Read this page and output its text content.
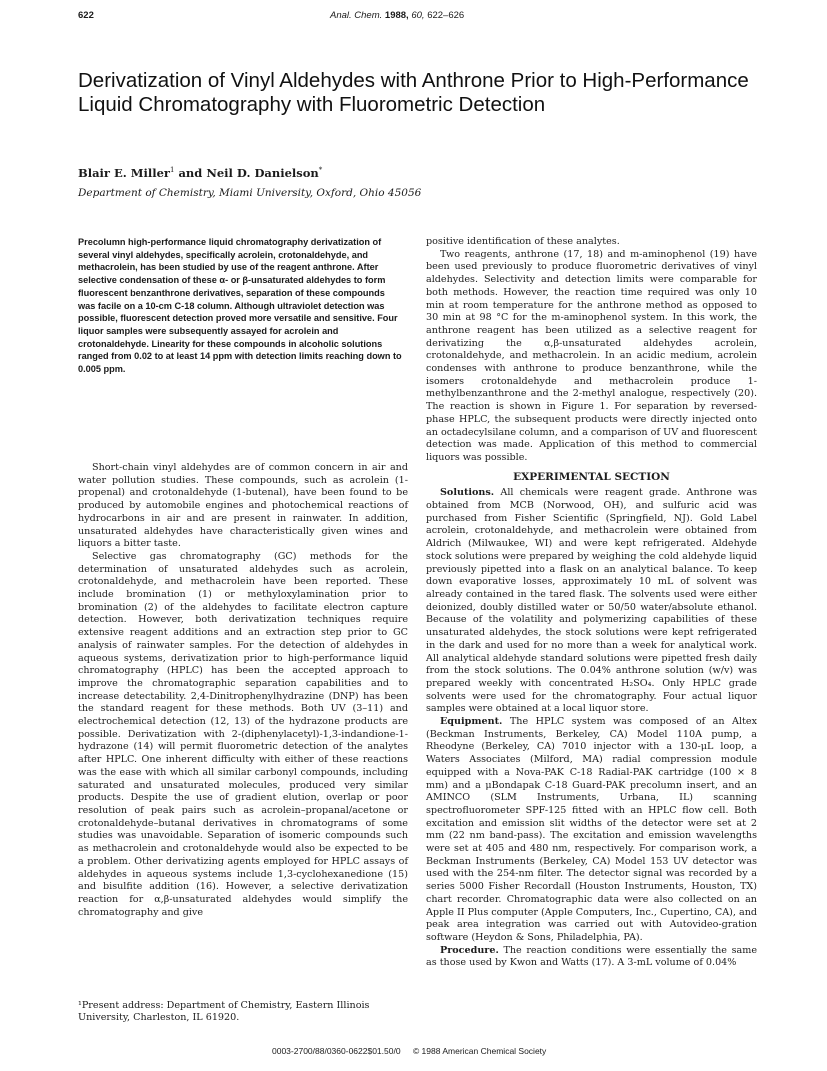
622	Anal. Chem. 1988, 60, 622–626
Derivatization of Vinyl Aldehydes with Anthrone Prior to High-Performance Liquid Chromatography with Fluorometric Detection
Blair E. Miller$^1$ and Neil D. Danielson*
Department of Chemistry, Miami University, Oxford, Ohio 45056
Precolumn high-performance liquid chromatography derivatization of several vinyl aldehydes, specifically acrolein, crotonaldehyde, and methacrolein, has been studied by use of the reagent anthrone. After selective condensation of these α- or β-unsaturated aldehydes to form fluorescent benzanthrone derivatives, separation of these compounds was facile on a 10-cm C-18 column. Although ultraviolet detection was possible, fluorescent detection proved more versatile and sensitive. Four liquor samples were subsequently assayed for acrolein and crotonaldehyde. Linearity for these compounds in alcoholic solutions ranged from 0.02 to at least 14 ppm with detection limits reaching down to 0.005 ppm.

Short-chain vinyl aldehydes are of common concern in air and water pollution studies. These compounds, such as acrolein (1-propenal) and crotonaldehyde (1-butenal), have been found to be produced by automobile engines and photochemical reactions of hydrocarbons in air and are present in rainwater. In addition, unsaturated aldehydes have characteristically given wines and liquors a bitter taste.

Selective gas chromatography (GC) methods for the determination of unsaturated aldehydes such as acrolein, crotonaldehyde, and methacrolein have been reported. These include bromination (1) or methyloxylamination prior to bromination (2) of the aldehydes to facilitate electron capture detection. However, both derivatization techniques require extensive reagent additions and an extraction step prior to GC analysis of rainwater samples. For the detection of aldehydes in aqueous systems, derivatization prior to high-performance liquid chromatography (HPLC) has been the accepted approach to improve the chromatographic separation capabilities and to increase detectability. 2,4-Dinitrophenylhydrazine (DNP) has been the standard reagent for these methods. Both UV (3–11) and electrochemical detection (12, 13) of the hydrazone products are possible. Derivatization with 2-(diphenylacetyl)-1,3-indandione-1-hydrazone (14) will permit fluorometric detection of the analytes after HPLC. One inherent difficulty with either of these reactions was the ease with which all similar carbonyl compounds, including saturated and unsaturated molecules, produced very similar products. Despite the use of gradient elution, overlap or poor resolution of peak pairs such as acrolein–propanal/acetone or crotonaldehyde–butanal derivatives in chromatograms of some studies was unavoidable. Separation of isomeric compounds such as methacrolein and crotonaldehyde would also be expected to be a problem. Other derivatizing agents employed for HPLC assays of aldehydes in aqueous systems include 1,3-cyclohexanedione (15) and bisulfite addition (16). However, a selective derivatization reaction for α,β-unsaturated aldehydes would simplify the chromatography and give

¹Present address: Department of Chemistry, Eastern Illinois University, Charleston, IL 61920.

positive identification of these analytes.

Two reagents, anthrone (17, 18) and m-aminophenol (19) have been used previously to produce fluorometric derivatives of vinyl aldehydes. Selectivity and detection limits were comparable for both methods. However, the reaction time required was only 10 min at room temperature for the anthrone method as opposed to 30 min at 98 °C for the m-aminophenol system. In this work, the anthrone reagent has been utilized as a selective reagent for derivatizing the α,β-unsaturated aldehydes acrolein, crotonaldehyde, and methacrolein. In an acidic medium, acrolein condenses with anthrone to produce benzanthrone, while the isomers crotonaldehyde and methacrolein produce 1-methylbenzanthrone and the 2-methyl analogue, respectively (20). The reaction is shown in Figure 1. For separation by reversed-phase HPLC, the subsequent products were directly injected onto an octadecylsilane column, and a comparison of UV and fluorescent detection was made. Application of this method to commercial liquors was possible.

EXPERIMENTAL SECTION

Solutions. All chemicals were reagent grade. Anthrone was obtained from MCB (Norwood, OH), and sulfuric acid was purchased from Fisher Scientific (Springfield, NJ). Gold Label acrolein, crotonaldehyde, and methacrolein were obtained from Aldrich (Milwaukee, WI) and were kept refrigerated. Aldehyde stock solutions were prepared by weighing the cold aldehyde liquid previously pipetted into a flask on an analytical balance. To keep down evaporative losses, approximately 10 mL of solvent was already contained in the tared flask. The solvents used were either deionized, doubly distilled water or 50/50 water/absolute ethanol. Because of the volatility and polymerizing capabilities of these unsaturated aldehydes, the stock solutions were kept refrigerated in the dark and used for no more than a week for analytical work. All analytical aldehyde standard solutions were pipetted fresh daily from the stock solutions. The 0.04% anthrone solution (w/v) was prepared weekly with concentrated H₂SO₄. Only HPLC grade solvents were used for the chromatography. Four actual liquor samples were obtained at a local liquor store.

Equipment. The HPLC system was composed of an Altex (Beckman Instruments, Berkeley, CA) Model 110A pump, a Rheodyne (Berkeley, CA) 7010 injector with a 130-μL loop, a Waters Associates (Milford, MA) radial compression module equipped with a Nova-PAK C-18 Radial-PAK cartridge (100 × 8 mm) and a μBondapak C-18 Guard-PAK precolumn insert, and an AMINCO (SLM Instruments, Urbana, IL) scanning spectrofluorometer SPF-125 fitted with an HPLC flow cell. Both excitation and emission slit widths of the detector were set at 2 mm (22 nm band-pass). The excitation and emission wavelengths were set at 405 and 480 nm, respectively. For comparison work, a Beckman Instruments (Berkeley, CA) Model 153 UV detector was used with the 254-nm filter. The detector signal was recorded by a series 5000 Fisher Recordall (Houston Instruments, Houston, TX) chart recorder. Chromatographic data were also collected on an Apple II Plus computer (Apple Computers, Inc., Cupertino, CA), and peak area integration was carried out with Autovideo-gration software (Heydon & Sons, Philadelphia, PA).

Procedure. The reaction conditions were essentially the same as those used by Kwon and Watts (17). A 3-mL volume of 0.04%

0003-2700/88/0360-0622$01.50/0 © 1988 American Chemical Society
